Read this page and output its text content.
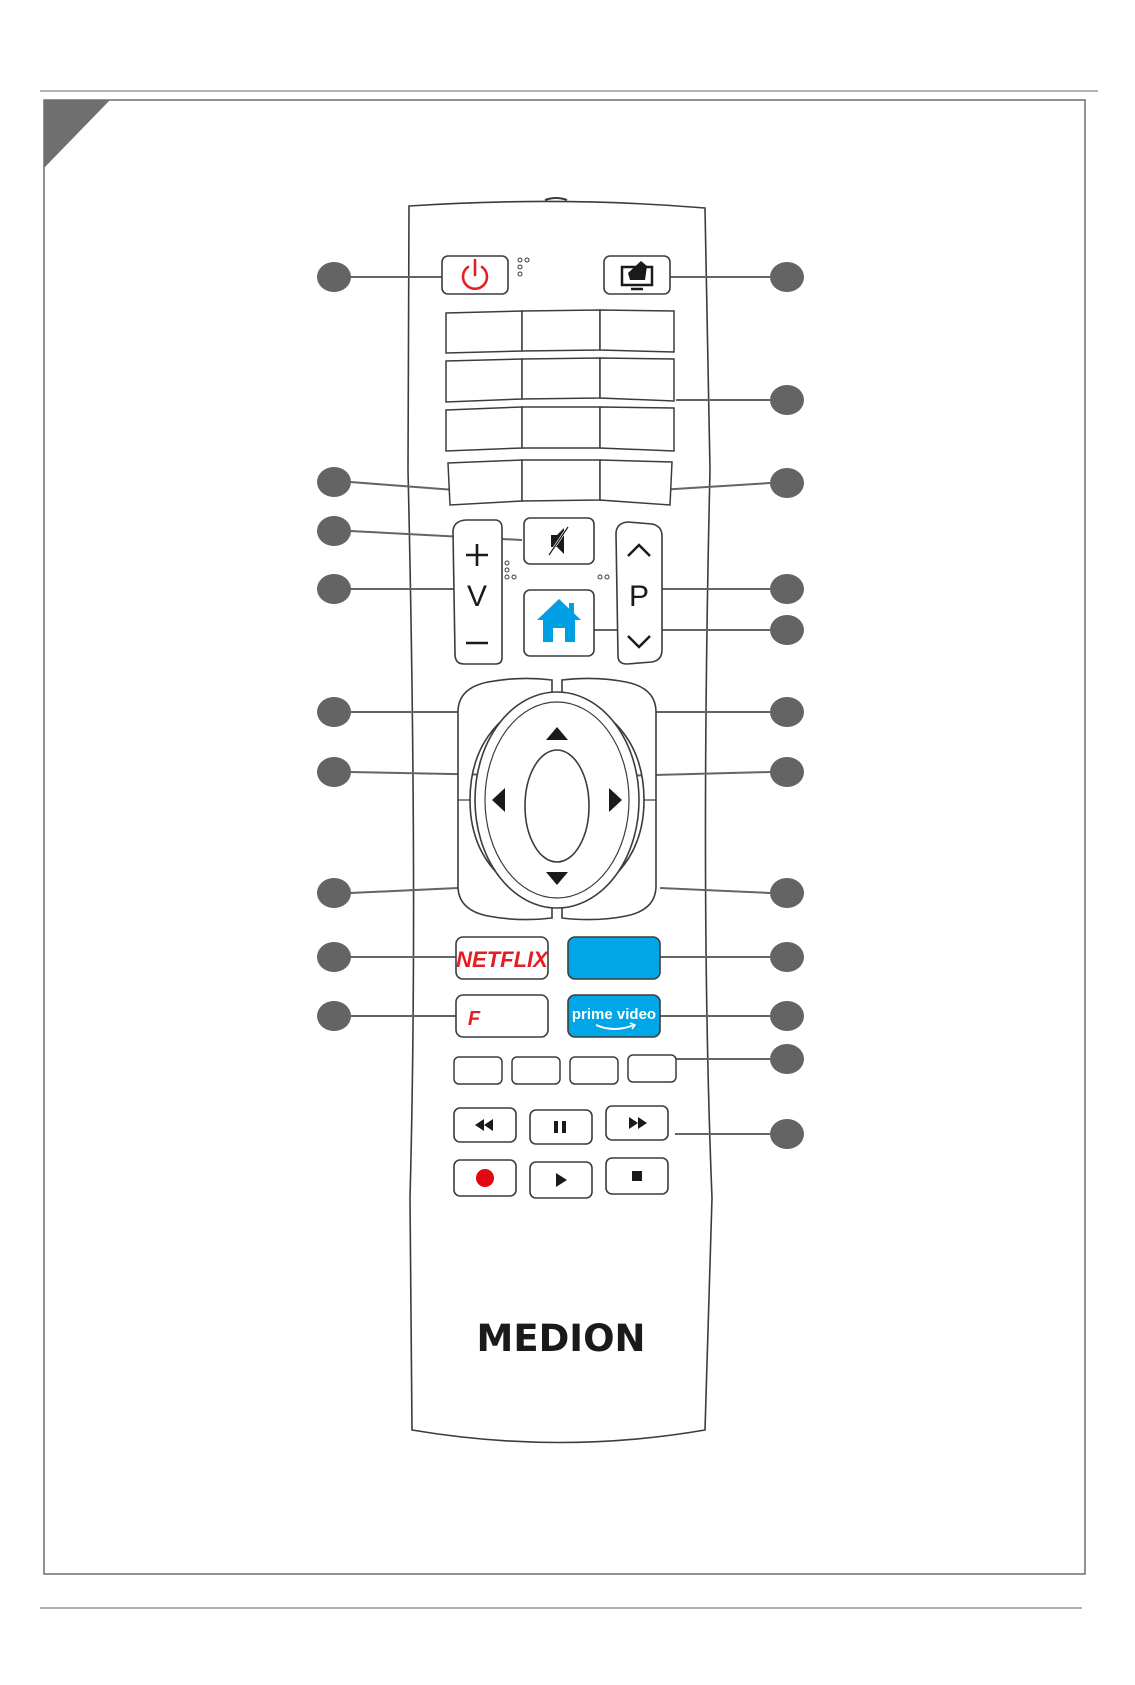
V	P
NETFLIX
F	prime video
MEDION
